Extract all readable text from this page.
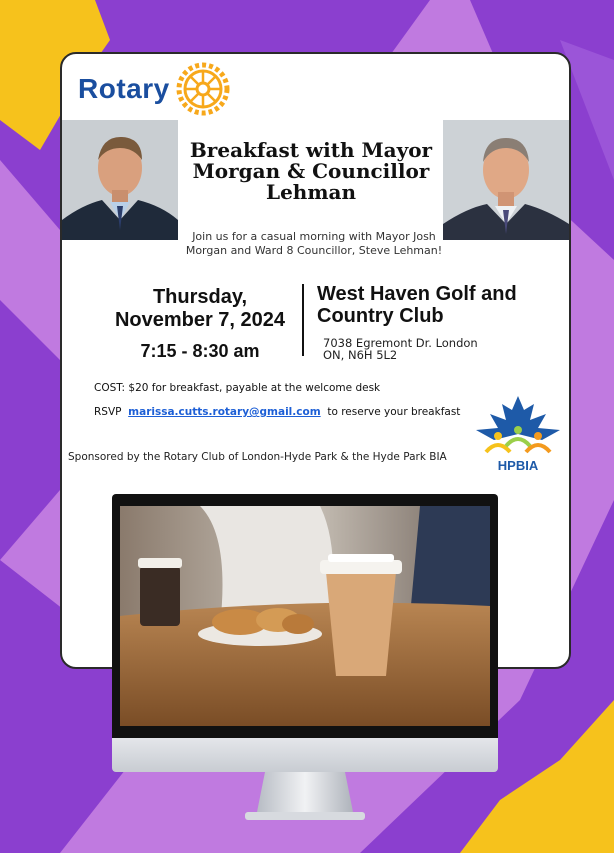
Rotary
Breakfast with Mayor Morgan & Councillor Lehman
Join us for a casual morning with Mayor Josh Morgan and Ward 8 Councillor, Steve Lehman!
Thursday,
November 7, 2024
7:15 - 8:30 am
West Haven Golf and Country Club
7038 Egremont Dr. London ON, N6H 5L2
COST: $20 for breakfast, payable at the welcome desk
RSVP marissa.cutts.rotary@gmail.com to reserve your breakfast
Sponsored by the Rotary Club of London-Hyde Park & the Hyde Park BIA
HPBIA
